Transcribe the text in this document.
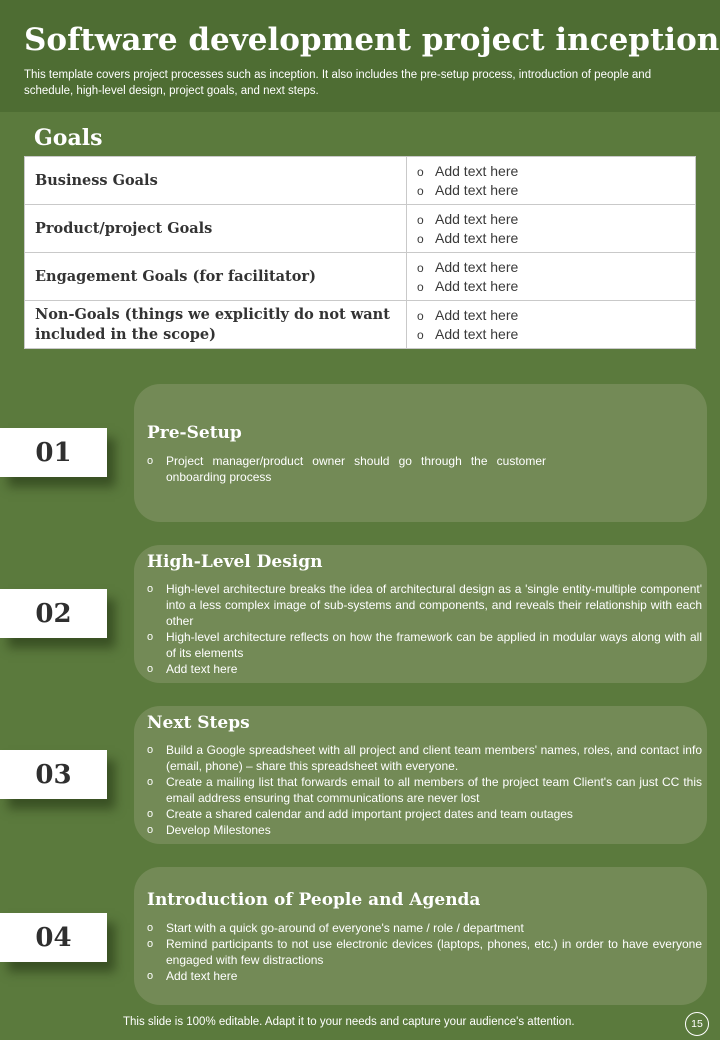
Software development project inception

This template covers project processes such as inception. It also includes the pre-setup process, introduction of people and schedule, high-level design, project goals, and next steps.

Goals
Business Goals	o Add text here
o Add text here

Product/project Goals	o Add text here
o Add text here

Engagement Goals (for facilitator)	o Add text here
o Add text here

Non-Goals (things we explicitly do not want included in the scope)	o Add text here
o Add text here
Pre-Setup
o Project manager/product owner should go through the customer onboarding process
01
High-Level Design
o High-level architecture breaks the idea of architectural design as a 'single entity-multiple component' into a less complex image of sub-systems and components, and reveals their relationship with each other
o High-level architecture reflects on how the framework can be applied in modular ways along with all of its elements
o Add text here
02
Next Steps
o Build a Google spreadsheet with all project and client team members' names, roles, and contact info (email, phone) – share this spreadsheet with everyone.
o Create a mailing list that forwards email to all members of the project team Client's can just CC this email address ensuring that communications are never lost
o Create a shared calendar and add important project dates and team outages
o Develop Milestones
03
Introduction of People and Agenda
o Start with a quick go-around of everyone's name / role / department
o Remind participants to not use electronic devices (laptops, phones, etc.) in order to have everyone engaged with few distractions
o Add text here
04

This slide is 100% editable. Adapt it to your needs and capture your audience's attention.	15
